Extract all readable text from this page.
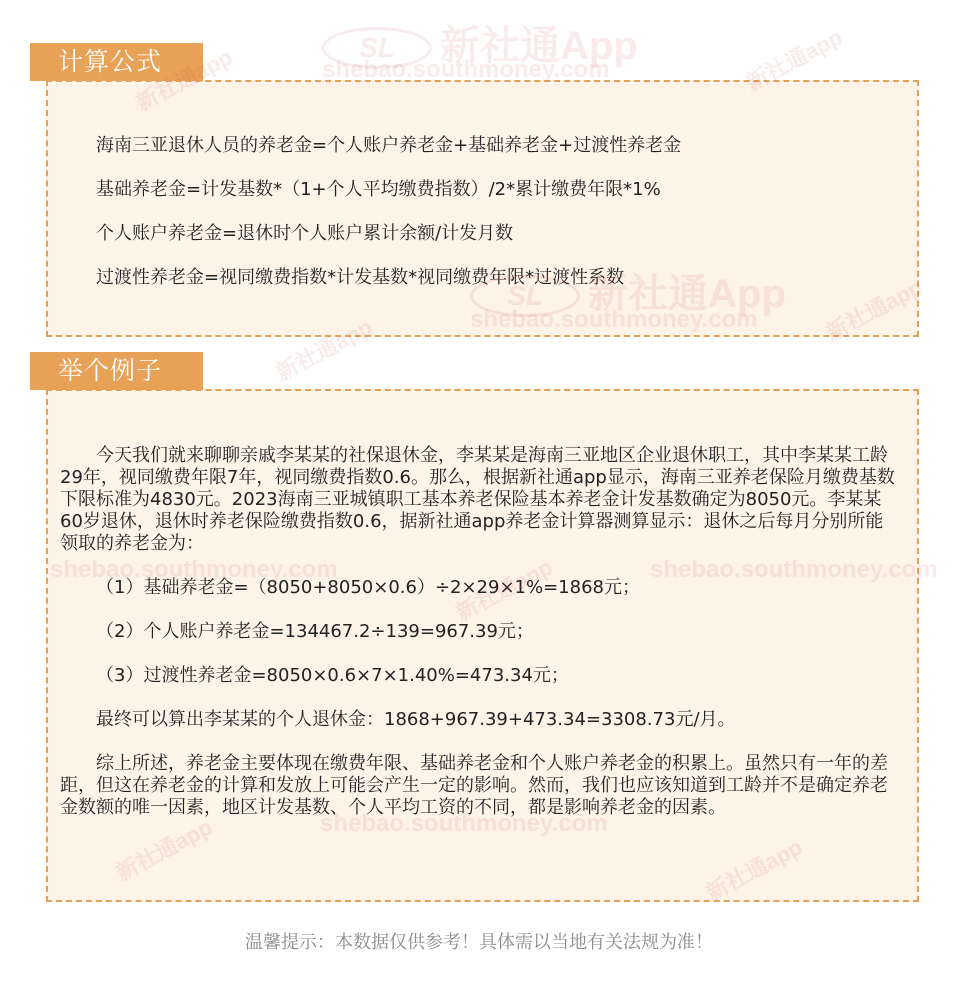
计算公式

海南三亚退休人员的养老金=个人账户养老金+基础养老金+过渡性养老金

基础养老金=计发基数*（1+个人平均缴费指数）/2*累计缴费年限*1%

个人账户养老金=退休时个人账户累计余额/计发月数

过渡性养老金=视同缴费指数*计发基数*视同缴费年限*过渡性系数

举个例子

今天我们就来聊聊亲戚李某某的社保退休金，李某某是海南三亚地区企业退休职工，其中李某某工龄29年，视同缴费年限7年，视同缴费指数0.6。那么，根据新社通app显示，海南三亚养老保险月缴费基数下限标准为4830元。2023海南三亚城镇职工基本养老保险基本养老金计发基数确定为8050元。李某某60岁退休，退休时养老保险缴费指数0.6，据新社通app养老金计算器测算显示：退休之后每月分别所能领取的养老金为：

（1）基础养老金=（8050+8050×0.6）÷2×29×1%=1868元；

（2）个人账户养老金=134467.2÷139=967.39元；

（3）过渡性养老金=8050×0.6×7×1.40%=473.34元；

最终可以算出李某某的个人退休金：1868+967.39+473.34=3308.73元/月。

综上所述，养老金主要体现在缴费年限、基础养老金和个人账户养老金的积累上。虽然只有一年的差距，但这在养老金的计算和发放上可能会产生一定的影响。然而，我们也应该知道到工龄并不是确定养老金数额的唯一因素，地区计发基数、个人平均工资的不同，都是影响养老金的因素。

温馨提示：本数据仅供参考！具体需以当地有关法规为准！
SL 新社通App
shebao.southmoney.com	新社通app
新社通app
